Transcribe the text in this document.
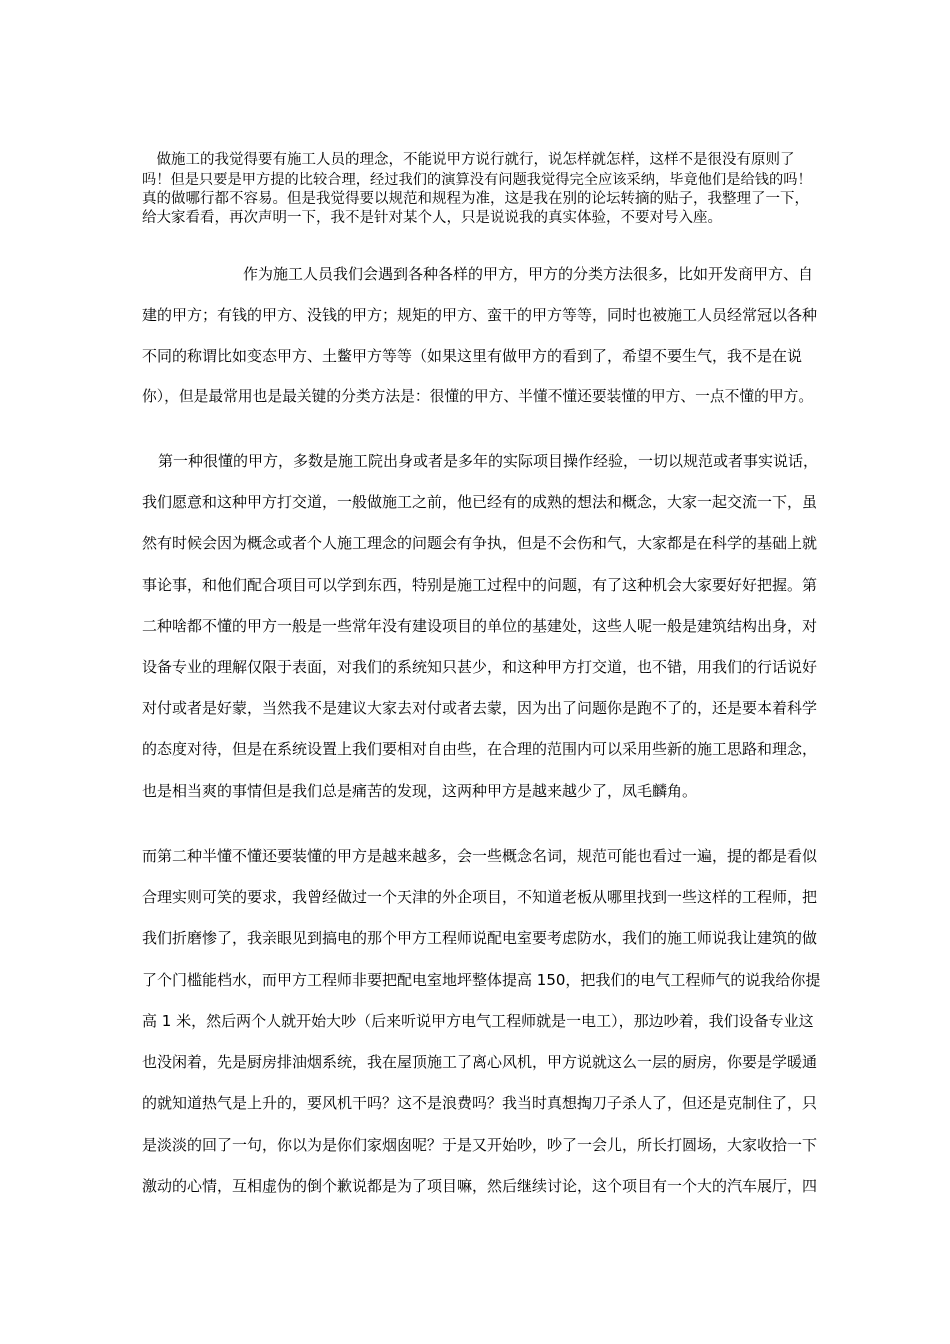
　做施工的我觉得要有施工人员的理念，不能说甲方说行就行，说怎样就怎样，这样不是很没有原则了
吗！但是只要是甲方提的比较合理，经过我们的演算没有问题我觉得完全应该采纳，毕竟他们是给钱的吗！
真的做哪行都不容易。但是我觉得要以规范和规程为准，这是我在别的论坛转摘的贴子，我整理了一下，
给大家看看，再次声明一下，我不是针对某个人，只是说说我的真实体验，不要对号入座。
作为施工人员我们会遇到各种各样的甲方，甲方的分类方法很多，比如开发商甲方、自
建的甲方；有钱的甲方、没钱的甲方；规矩的甲方、蛮干的甲方等等，同时也被施工人员经常冠以各种
不同的称谓比如变态甲方、土鳖甲方等等（如果这里有做甲方的看到了，希望不要生气，我不是在说
你），但是最常用也是最关键的分类方法是：很懂的甲方、半懂不懂还要装懂的甲方、一点不懂的甲方。
第一种很懂的甲方，多数是施工院出身或者是多年的实际项目操作经验，一切以规范或者事实说话，
我们愿意和这种甲方打交道，一般做施工之前，他已经有的成熟的想法和概念，大家一起交流一下，虽
然有时候会因为概念或者个人施工理念的问题会有争执，但是不会伤和气，大家都是在科学的基础上就
事论事，和他们配合项目可以学到东西，特别是施工过程中的问题，有了这种机会大家要好好把握。第
二种啥都不懂的甲方一般是一些常年没有建设项目的单位的基建处，这些人呢一般是建筑结构出身，对
设备专业的理解仅限于表面，对我们的系统知只甚少，和这种甲方打交道，也不错，用我们的行话说好
对付或者是好蒙，当然我不是建议大家去对付或者去蒙，因为出了问题你是跑不了的，还是要本着科学
的态度对待，但是在系统设置上我们要相对自由些，在合理的范围内可以采用些新的施工思路和理念，
也是相当爽的事情但是我们总是痛苦的发现，这两种甲方是越来越少了，凤毛麟角。
而第二种半懂不懂还要装懂的甲方是越来越多，会一些概念名词，规范可能也看过一遍，提的都是看似
合理实则可笑的要求，我曾经做过一个天津的外企项目，不知道老板从哪里找到一些这样的工程师，把
我们折磨惨了，我亲眼见到搞电的那个甲方工程师说配电室要考虑防水，我们的施工师说我让建筑的做
了个门槛能档水，而甲方工程师非要把配电室地坪整体提高 150，把我们的电气工程师气的说我给你提
高 1 米，然后两个人就开始大吵（后来听说甲方电气工程师就是一电工），那边吵着，我们设备专业这
也没闲着，先是厨房排油烟系统，我在屋顶施工了离心风机，甲方说就这么一层的厨房，你要是学暖通
的就知道热气是上升的，要风机干吗？这不是浪费吗？我当时真想掏刀子杀人了，但还是克制住了，只
是淡淡的回了一句，你以为是你们家烟囱呢？于是又开始吵，吵了一会儿，所长打圆场，大家收拾一下
激动的心情，互相虚伪的倒个歉说都是为了项目嘛，然后继续讨论，这个项目有一个大的汽车展厅，四
